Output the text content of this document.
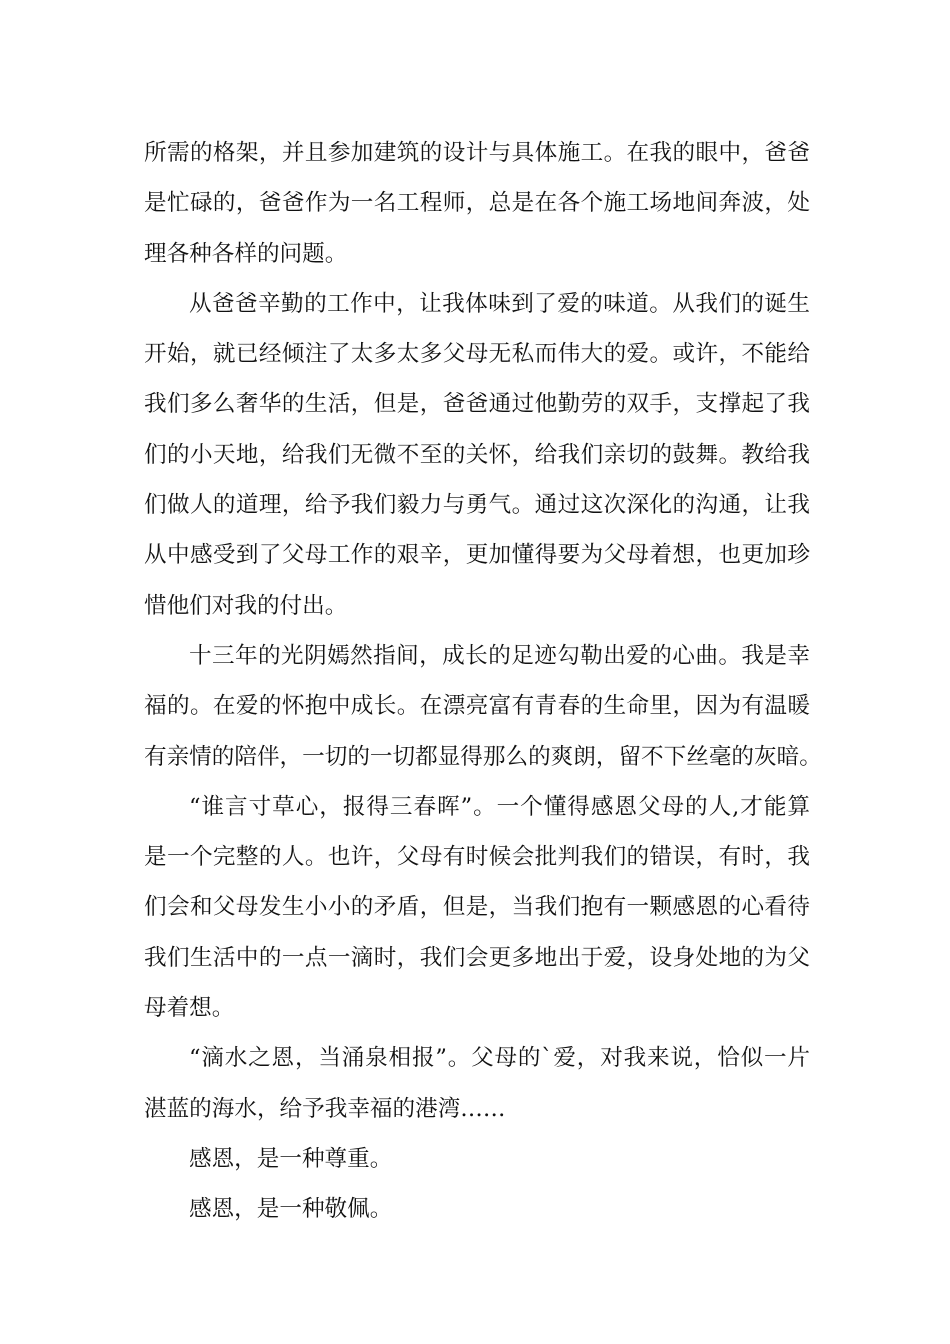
所需的格架，并且参加建筑的设计与具体施工。在我的眼中，爸爸
是忙碌的，爸爸作为一名工程师，总是在各个施工场地间奔波，处
理各种各样的问题。
从爸爸辛勤的工作中，让我体味到了爱的味道。从我们的诞生
开始，就已经倾注了太多太多父母无私而伟大的爱。或许，不能给
我们多么奢华的生活，但是，爸爸通过他勤劳的双手，支撑起了我
们的小天地，给我们无微不至的关怀，给我们亲切的鼓舞。教给我
们做人的道理，给予我们毅力与勇气。通过这次深化的沟通，让我
从中感受到了父母工作的艰辛，更加懂得要为父母着想，也更加珍
惜他们对我的付出。
十三年的光阴嫣然指间，成长的足迹勾勒出爱的心曲。我是幸
福的。在爱的怀抱中成长。在漂亮富有青春的生命里，因为有温暖
有亲情的陪伴，一切的一切都显得那么的爽朗，留不下丝毫的灰暗。
“谁言寸草心，报得三春晖”。一个懂得感恩父母的人,才能算
是一个完整的人。也许，父母有时候会批判我们的错误，有时，我
们会和父母发生小小的矛盾，但是，当我们抱有一颗感恩的心看待
我们生活中的一点一滴时，我们会更多地出于爱，设身处地的为父
母着想。
“滴水之恩，当涌泉相报”。父母的`爱，对我来说，恰似一片
湛蓝的海水，给予我幸福的港湾……
感恩，是一种尊重。
感恩，是一种敬佩。
